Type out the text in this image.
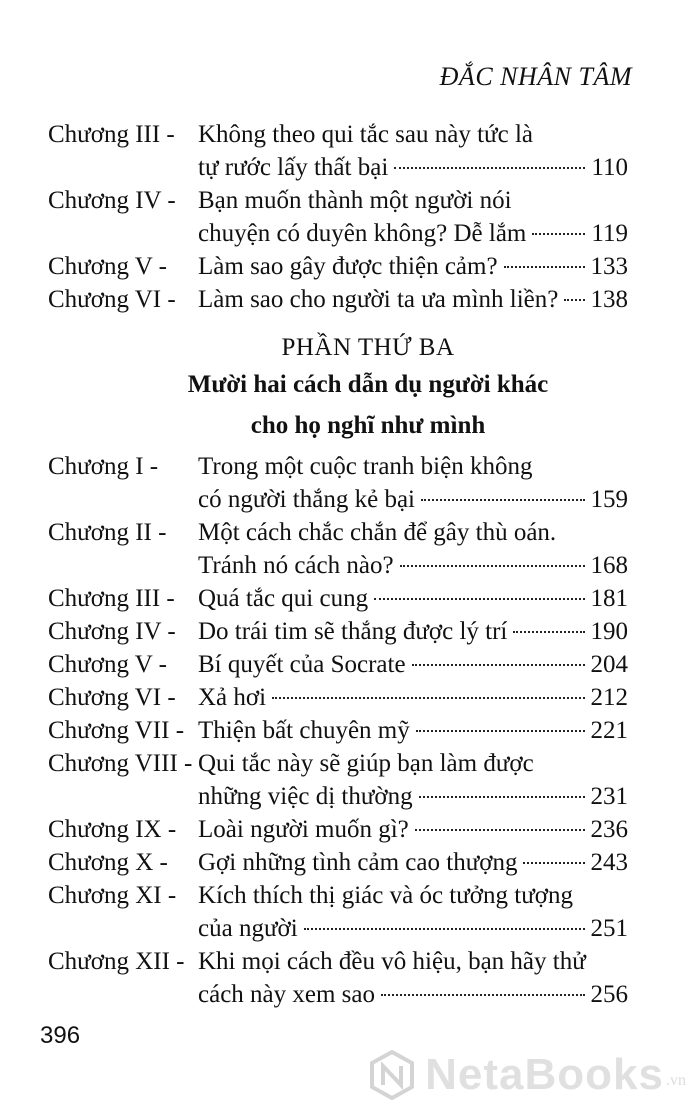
ĐẮC NHÂN TÂM
Chương III - Không theo qui tắc sau này tức là
tự rước lấy thất bại	110
Chương IV - Bạn muốn thành một người nói
chuyện có duyên không? Dễ lắm	119
Chương V -	Làm sao gây được thiện cảm?	133
Chương VI - Làm sao cho người ta ưa mình liền? 138
PHẦN THỨ BA
Mười hai cách dẫn dụ người khác
cho họ nghĩ như mình
Chương I -	Trong một cuộc tranh biện không
có người thắng kẻ bại	159
Chương II -	Một cách chắc chắn để gây thù oán.
Tránh nó cách nào?	168
Chương III - Quá tắc qui cung	181
Chương IV - Do trái tim sẽ thắng được lý trí	190
Chương V -	Bí quyết của Socrate	204
Chương VI - Xả hơi	212
Chương VII - Thiện bất chuyên mỹ	221
Chương VIII - Qui tắc này sẽ giúp bạn làm được
những việc dị thường	231
Chương IX - Loài người muốn gì?	236
Chương X -	Gợi những tình cảm cao thượng	243
Chương XI - Kích thích thị giác và óc tưởng tượng
của người	251
Chương XII - Khi mọi cách đều vô hiệu, bạn hãy thử
cách này xem sao	256
396
NetaBooks .vn
